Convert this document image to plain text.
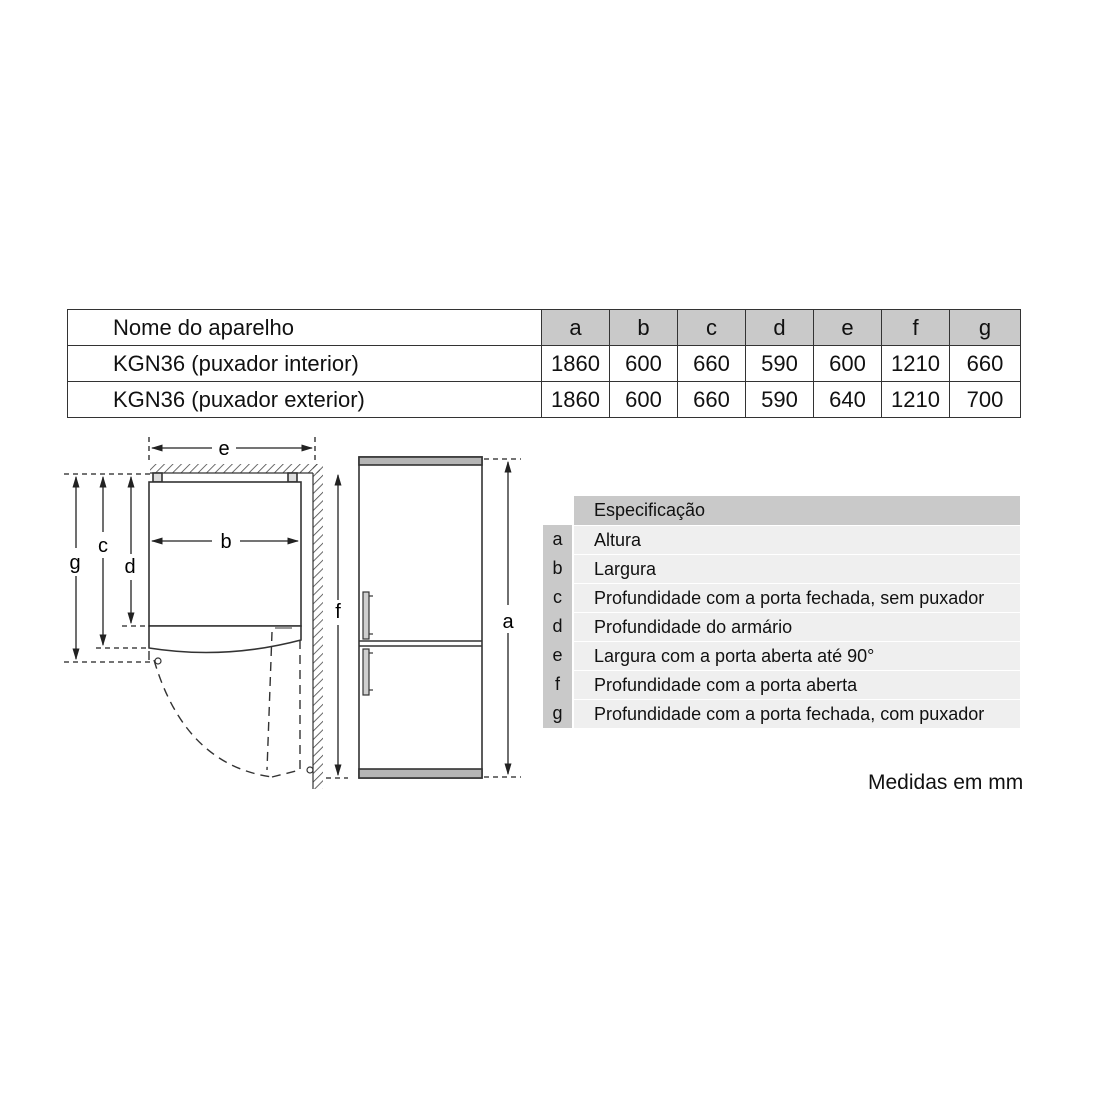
Nome do aparelho	a	b	c	d	e	f	g
KGN36 (puxador interior)	1860	600	660	590	600	1210	660
KGN36 (puxador exterior)	1860	600	660	590	640	1210	700
e
b
g
c
d
f	a
Especificação
a	Altura
b	Largura
c	Profundidade com a porta fechada, sem puxador
d	Profundidade do armário
e	Largura com a porta aberta até 90°
f	Profundidade com a porta aberta
g	Profundidade com a porta fechada, com puxador
Medidas em mm
